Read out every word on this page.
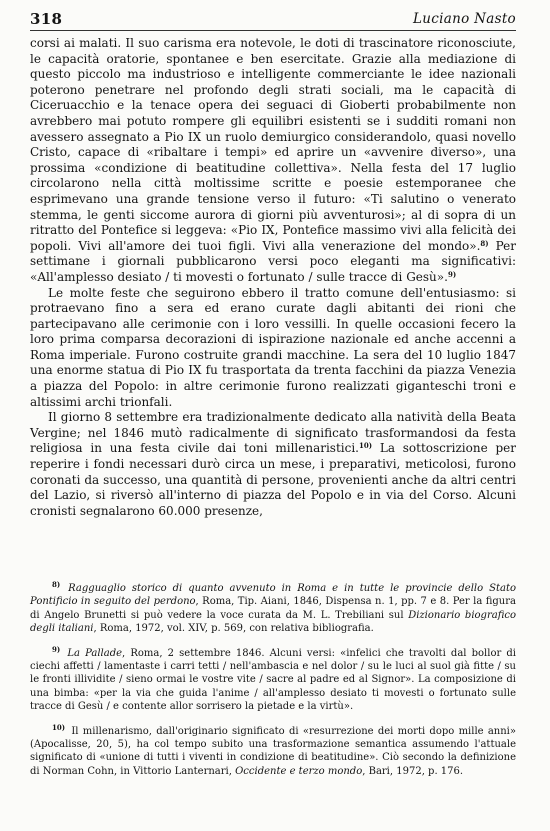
318	Luciano Nasto

corsi ai malati. Il suo carisma era notevole, le doti di trascinatore riconosciute, le capacità oratorie, spontanee e ben esercitate. Grazie alla mediazione di questo piccolo ma industrioso e intelligente commerciante le idee nazionali poterono penetrare nel profondo degli strati sociali, ma le capacità di Ciceruacchio e la tenace opera dei seguaci di Gioberti probabilmente non avrebbero mai potuto rompere gli equilibri esistenti se i sudditi romani non avessero assegnato a Pio IX un ruolo demiurgico considerandolo, quasi novello Cristo, capace di «ribaltare i tempi» ed aprire un «avvenire diverso», una prossima «condizione di beatitudine collettiva». Nella festa del 17 luglio circolarono nella città moltissime scritte e poesie estemporanee che esprimevano una grande tensione verso il futuro: «Ti salutino o venerato stemma, le genti siccome aurora di giorni più avventurosi»; al di sopra di un ritratto del Pontefice si leggeva: «Pio IX, Pontefice massimo vivi alla felicità dei popoli. Vivi all'amore dei tuoi figli. Vivi alla venerazione del mondo».$^{8)}$ Per settimane i giornali pubblicarono versi poco eleganti ma significativi: «All'amplesso desiato / ti movesti o fortunato / sulle tracce di Gesù».$^{9)}$

Le molte feste che seguirono ebbero il tratto comune dell'entusiasmo: si protraevano fino a sera ed erano curate dagli abitanti dei rioni che partecipavano alle cerimonie con i loro vessilli. In quelle occasioni fecero la loro prima comparsa decorazioni di ispirazione nazionale ed anche accenni a Roma imperiale. Furono costruite grandi macchine. La sera del 10 luglio 1847 una enorme statua di Pio IX fu trasportata da trenta facchini da piazza Venezia a piazza del Popolo: in altre cerimonie furono realizzati giganteschi troni e altissimi archi trionfali.

Il giorno 8 settembre era tradizionalmente dedicato alla natività della Beata Vergine; nel 1846 mutò radicalmente di significato trasformandosi da festa religiosa in una festa civile dai toni millenaristici.$^{10)}$ La sottoscrizione per reperire i fondi necessari durò circa un mese, i preparativi, meticolosi, furono coronati da successo, una quantità di persone, provenienti anche da altri centri del Lazio, si riversò all'interno di piazza del Popolo e in via del Corso. Alcuni cronisti segnalarono 60.000 presenze,

$^{8)}$ Ragguaglio storico di quanto avvenuto in Roma e in tutte le provincie dello Stato Pontificio in seguito del perdono, Roma, Tip. Aiani, 1846, Dispensa n. 1, pp. 7 e 8. Per la figura di Angelo Brunetti si può vedere la voce curata da M. L. Trebiliani sul Dizionario biografico degli italiani, Roma, 1972, vol. XIV, p. 569, con relativa bibliografia.

$^{9)}$ La Pallade, Roma, 2 settembre 1846. Alcuni versi: «infelici che travolti dal bollor di ciechi affetti / lamentaste i carri tetti / nell'ambascia e nel dolor / su le luci al suol già fitte / su le fronti illividite / sieno ormai le vostre vite / sacre al padre ed al Signor». La composizione di una bimba: «per la via che guida l'anime / all'amplesso desiato ti movesti o fortunato sulle tracce di Gesù / e contente allor sorrisero la pietade e la virtù».

$^{10)}$ Il millenarismo, dall'originario significato di «resurrezione dei morti dopo mille anni» (Apocalisse, 20, 5), ha col tempo subito una trasformazione semantica assumendo l'attuale significato di «unione di tutti i viventi in condizione di beatitudine». Ciò secondo la definizione di Norman Cohn, in Vittorio Lanternari, Occidente e terzo mondo, Bari, 1972, p. 176.
